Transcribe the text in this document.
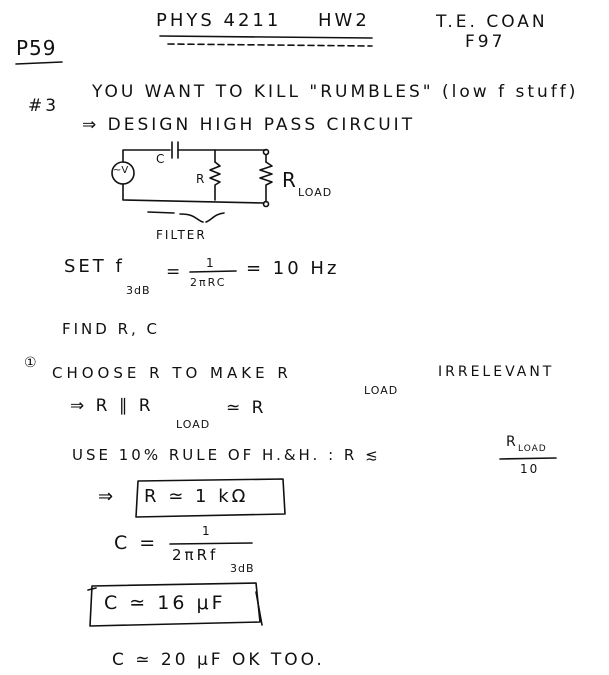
PHYS 4211 HW2	T.E. COAN
F97
P59
#3
YOU WANT TO KILL "RUMBLES" (low f stuff)
⇒ DESIGN HIGH PASS CIRCUIT
~V
C
R	R
LOAD
FILTER
SET f
3dB
= 1
2πRC
= 10 Hz
FIND R, C
①
CHOOSE R TO MAKE R
LOAD
IRRELEVANT
⇒ R ∥ R
LOAD
≃ R
USE 10% RULE OF H.&H. : R ≲
R LOAD
10
⇒ R ≃ 1 kΩ
C =
1
2πRf
3dB
C ≃ 16 μF
C ≃ 20 μF OK TOO.
